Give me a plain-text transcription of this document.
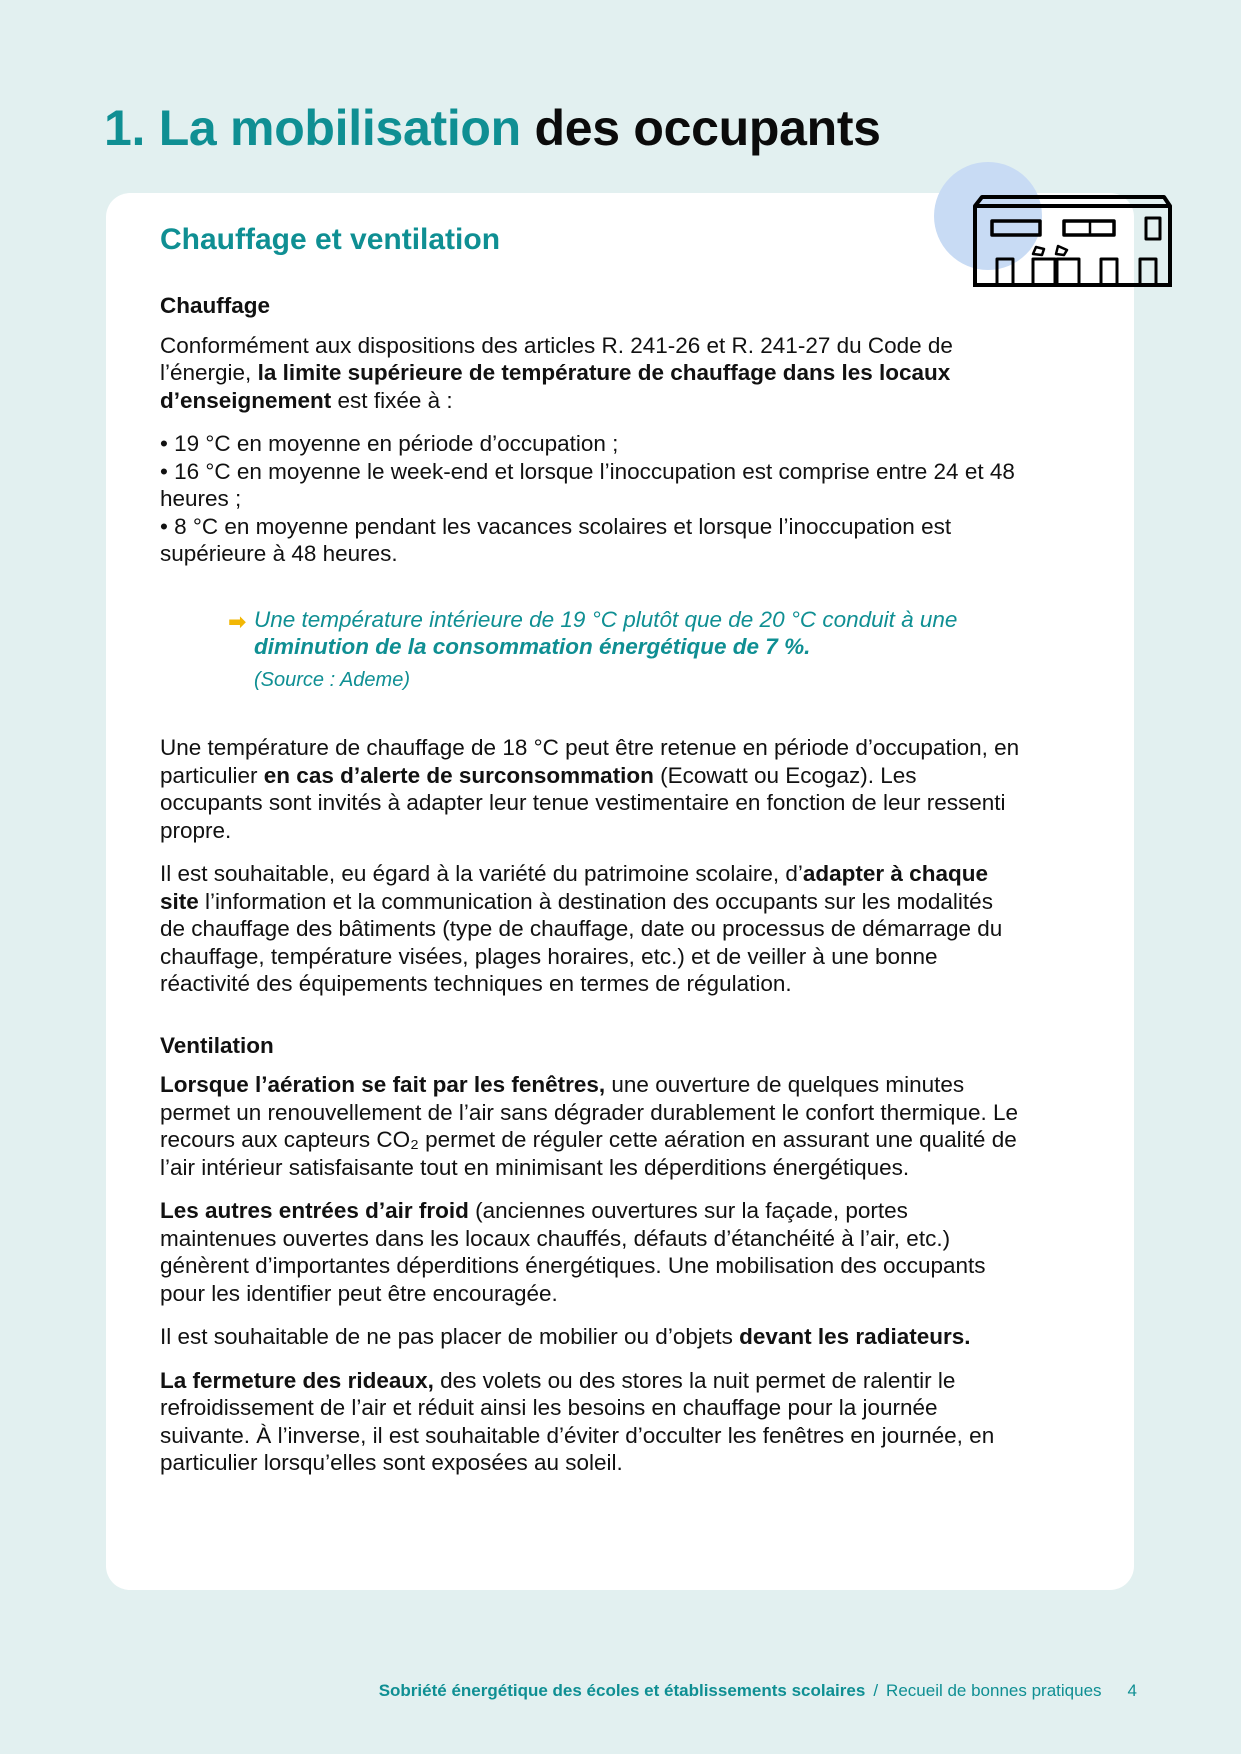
1. La mobilisation des occupants
Chauffage et ventilation
Chauffage

Conformément aux dispositions des articles R. 241-26 et R. 241-27 du Code de l’énergie, la limite supérieure de température de chauffage dans les locaux d’enseignement est fixée à :

• 19 °C en moyenne en période d’occupation ;
• 16 °C en moyenne le week-end et lorsque l’inoccupation est comprise entre 24 et 48 heures ;
• 8 °C en moyenne pendant les vacances scolaires et lorsque l’inoccupation est supérieure à 48 heures.
➡ Une température intérieure de 19 °C plutôt que de 20 °C conduit à une diminution de la consommation énergétique de 7 %.

(Source : Ademe)

Une température de chauffage de 18 °C peut être retenue en période d’occupation, en particulier en cas d’alerte de surconsommation (Ecowatt ou Ecogaz). Les occupants sont invités à adapter leur tenue vestimentaire en fonction de leur ressenti propre.

Il est souhaitable, eu égard à la variété du patrimoine scolaire, d’adapter à chaque site l’information et la communication à destination des occupants sur les modalités de chauffage des bâtiments (type de chauffage, date ou processus de démarrage du chauffage, température visées, plages horaires, etc.) et de veiller à une bonne réactivité des équipements techniques en termes de régulation.

Ventilation

Lorsque l’aération se fait par les fenêtres, une ouverture de quelques minutes permet un renouvellement de l’air sans dégrader durablement le confort thermique. Le recours aux capteurs CO₂ permet de réguler cette aération en assurant une qualité de l’air intérieur satisfaisante tout en minimisant les déperditions énergétiques.

Les autres entrées d’air froid (anciennes ouvertures sur la façade, portes maintenues ouvertes dans les locaux chauffés, défauts d’étanchéité à l’air, etc.) génèrent d’importantes déperditions énergétiques. Une mobilisation des occupants pour les identifier peut être encouragée.

Il est souhaitable de ne pas placer de mobilier ou d’objets devant les radiateurs.

La fermeture des rideaux, des volets ou des stores la nuit permet de ralentir le refroidissement de l’air et réduit ainsi les besoins en chauffage pour la journée suivante. À l’inverse, il est souhaitable d’éviter d’occulter les fenêtres en journée, en particulier lorsqu’elles sont exposées au soleil.

Sobriété énergétique des écoles et établissements scolaires / Recueil de bonnes pratiques 4
